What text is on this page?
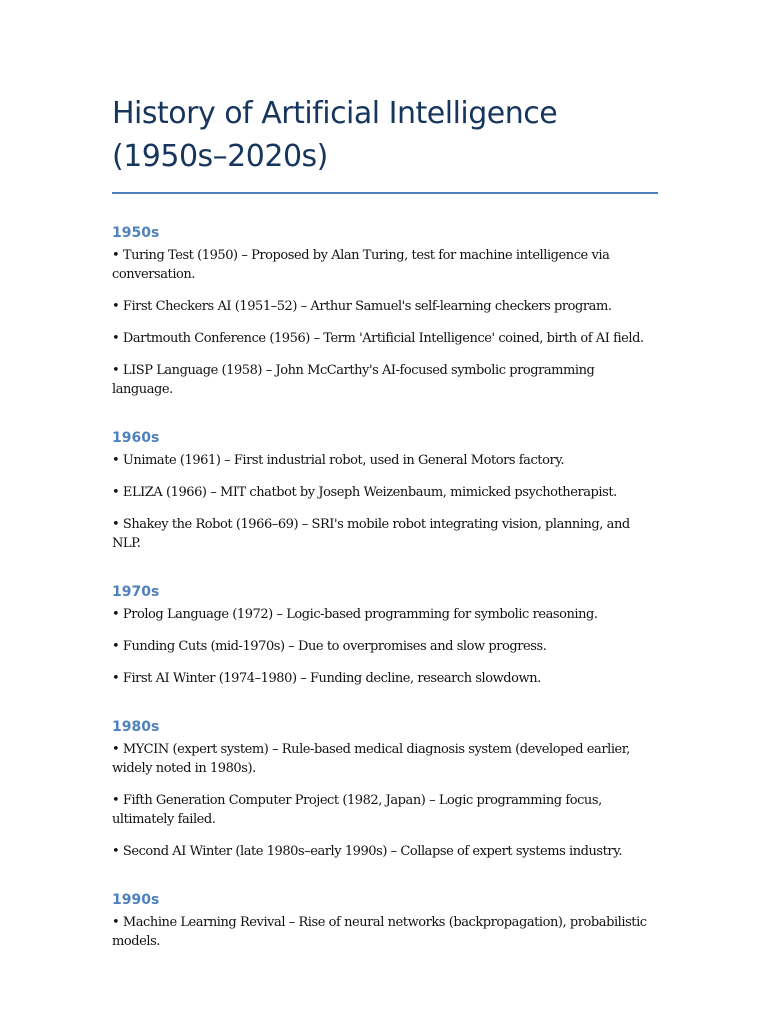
History of Artificial Intelligence (1950s–2020s)
1950s

• Turing Test (1950) – Proposed by Alan Turing, test for machine intelligence via conversation.

• First Checkers AI (1951–52) – Arthur Samuel's self-learning checkers program.

• Dartmouth Conference (1956) – Term 'Artificial Intelligence' coined, birth of AI field.

• LISP Language (1958) – John McCarthy's AI-focused symbolic programming language.

1960s

• Unimate (1961) – First industrial robot, used in General Motors factory.

• ELIZA (1966) – MIT chatbot by Joseph Weizenbaum, mimicked psychotherapist.

• Shakey the Robot (1966–69) – SRI's mobile robot integrating vision, planning, and NLP.

1970s

• Prolog Language (1972) – Logic-based programming for symbolic reasoning.

• Funding Cuts (mid-1970s) – Due to overpromises and slow progress.

• First AI Winter (1974–1980) – Funding decline, research slowdown.

1980s

• MYCIN (expert system) – Rule-based medical diagnosis system (developed earlier, widely noted in 1980s).

• Fifth Generation Computer Project (1982, Japan) – Logic programming focus, ultimately failed.

• Second AI Winter (late 1980s–early 1990s) – Collapse of expert systems industry.

1990s

• Machine Learning Revival – Rise of neural networks (backpropagation), probabilistic models.
